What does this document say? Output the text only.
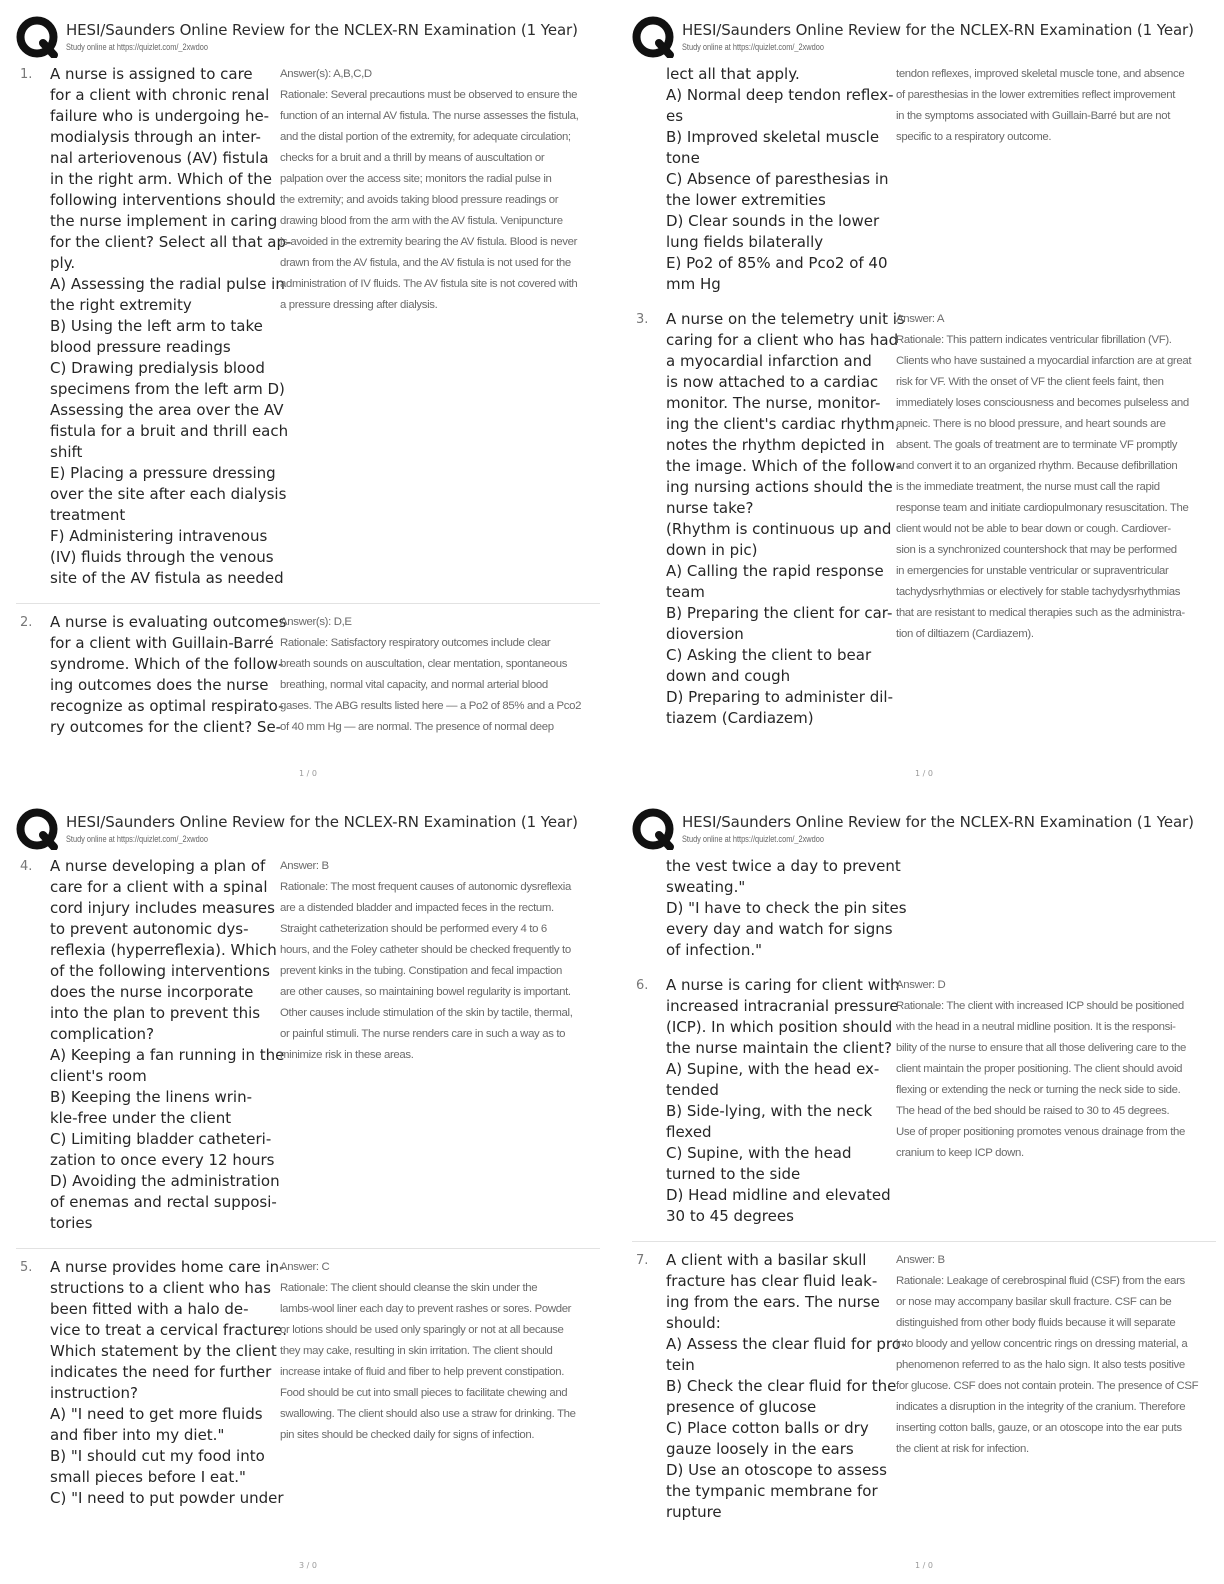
HESI/Saunders Online Review for the NCLEX-RN Examination (1 Year)
Study online at https://quizlet.com/_2xwdoo
1.	A nurse is assigned to care
for a client with chronic renal
failure who is undergoing he-
modialysis through an inter-
nal arteriovenous (AV) fistula
in the right arm. Which of the
following interventions should
the nurse implement in caring
for the client? Select all that ap-
ply.
A) Assessing the radial pulse in
the right extremity
B) Using the left arm to take
blood pressure readings
C) Drawing predialysis blood
specimens from the left arm D)
Assessing the area over the AV
fistula for a bruit and thrill each
shift
E) Placing a pressure dressing
over the site after each dialysis
treatment
F) Administering intravenous
(IV) fluids through the venous
site of the AV fistula as needed
Answer(s): A,B,C,D
Rationale: Several precautions must be observed to ensure the
function of an internal AV fistula. The nurse assesses the fistula,
and the distal portion of the extremity, for adequate circulation;
checks for a bruit and a thrill by means of auscultation or
palpation over the access site; monitors the radial pulse in
the extremity; and avoids taking blood pressure readings or
drawing blood from the arm with the AV fistula. Venipuncture
is avoided in the extremity bearing the AV fistula. Blood is never
drawn from the AV fistula, and the AV fistula is not used for the
administration of IV fluids. The AV fistula site is not covered with
a pressure dressing after dialysis.
2.	A nurse is evaluating outcomes
for a client with Guillain-Barré
syndrome. Which of the follow-
ing outcomes does the nurse
recognize as optimal respirato-
ry outcomes for the client? Se-
Answer(s): D,E
Rationale: Satisfactory respiratory outcomes include clear
breath sounds on auscultation, clear mentation, spontaneous
breathing, normal vital capacity, and normal arterial blood
gases. The ABG results listed here — a Po2 of 85% and a Pco2
of 40 mm Hg — are normal. The presence of normal deep
1 / 0
HESI/Saunders Online Review for the NCLEX-RN Examination (1 Year)
Study online at https://quizlet.com/_2xwdoo
lect all that apply.
A) Normal deep tendon reflex-
es
B) Improved skeletal muscle
tone
C) Absence of paresthesias in
the lower extremities
D) Clear sounds in the lower
lung fields bilaterally
E) Po2 of 85% and Pco2 of 40
mm Hg
tendon reflexes, improved skeletal muscle tone, and absence
of paresthesias in the lower extremities reflect improvement
in the symptoms associated with Guillain-Barré but are not
specific to a respiratory outcome.
3.	A nurse on the telemetry unit is
caring for a client who has had
a myocardial infarction and
is now attached to a cardiac
monitor. The nurse, monitor-
ing the client's cardiac rhythm,
notes the rhythm depicted in
the image. Which of the follow-
ing nursing actions should the
nurse take?
(Rhythm is continuous up and
down in pic)
A) Calling the rapid response
team
B) Preparing the client for car-
dioversion
C) Asking the client to bear
down and cough
D) Preparing to administer dil-
tiazem (Cardiazem)
Answer: A
Rationale: This pattern indicates ventricular fibrillation (VF).
Clients who have sustained a myocardial infarction are at great
risk for VF. With the onset of VF the client feels faint, then
immediately loses consciousness and becomes pulseless and
apneic. There is no blood pressure, and heart sounds are
absent. The goals of treatment are to terminate VF promptly
and convert it to an organized rhythm. Because defibrillation
is the immediate treatment, the nurse must call the rapid
response team and initiate cardiopulmonary resuscitation. The
client would not be able to bear down or cough. Cardiover-
sion is a synchronized countershock that may be performed
in emergencies for unstable ventricular or supraventricular
tachydysrhythmias or electively for stable tachydysrhythmias
that are resistant to medical therapies such as the administra-
tion of diltiazem (Cardiazem).
1 / 0
HESI/Saunders Online Review for the NCLEX-RN Examination (1 Year)
Study online at https://quizlet.com/_2xwdoo
4.	A nurse developing a plan of
care for a client with a spinal
cord injury includes measures
to prevent autonomic dys-
reflexia (hyperreflexia). Which
of the following interventions
does the nurse incorporate
into the plan to prevent this
complication?
A) Keeping a fan running in the
client's room
B) Keeping the linens wrin-
kle-free under the client
C) Limiting bladder catheteri-
zation to once every 12 hours
D) Avoiding the administration
of enemas and rectal supposi-
tories
Answer: B
Rationale: The most frequent causes of autonomic dysreflexia
are a distended bladder and impacted feces in the rectum.
Straight catheterization should be performed every 4 to 6
hours, and the Foley catheter should be checked frequently to
prevent kinks in the tubing. Constipation and fecal impaction
are other causes, so maintaining bowel regularity is important.
Other causes include stimulation of the skin by tactile, thermal,
or painful stimuli. The nurse renders care in such a way as to
minimize risk in these areas.
5.	A nurse provides home care in-
structions to a client who has
been fitted with a halo de-
vice to treat a cervical fracture.
Which statement by the client
indicates the need for further
instruction?
A) "I need to get more fluids
and fiber into my diet."
B) "I should cut my food into
small pieces before I eat."
C) "I need to put powder under
Answer: C
Rationale: The client should cleanse the skin under the
lambs-wool liner each day to prevent rashes or sores. Powder
or lotions should be used only sparingly or not at all because
they may cake, resulting in skin irritation. The client should
increase intake of fluid and fiber to help prevent constipation.
Food should be cut into small pieces to facilitate chewing and
swallowing. The client should also use a straw for drinking. The
pin sites should be checked daily for signs of infection.
3 / 0
HESI/Saunders Online Review for the NCLEX-RN Examination (1 Year)
Study online at https://quizlet.com/_2xwdoo
the vest twice a day to prevent
sweating."
D) "I have to check the pin sites
every day and watch for signs
of infection."
6.	A nurse is caring for client with
increased intracranial pressure
(ICP). In which position should
the nurse maintain the client?
A) Supine, with the head ex-
tended
B) Side-lying, with the neck
flexed
C) Supine, with the head
turned to the side
D) Head midline and elevated
30 to 45 degrees
Answer: D
Rationale: The client with increased ICP should be positioned
with the head in a neutral midline position. It is the responsi-
bility of the nurse to ensure that all those delivering care to the
client maintain the proper positioning. The client should avoid
flexing or extending the neck or turning the neck side to side.
The head of the bed should be raised to 30 to 45 degrees.
Use of proper positioning promotes venous drainage from the
cranium to keep ICP down.
7.	A client with a basilar skull
fracture has clear fluid leak-
ing from the ears. The nurse
should:
A) Assess the clear fluid for pro-
tein
B) Check the clear fluid for the
presence of glucose
C) Place cotton balls or dry
gauze loosely in the ears
D) Use an otoscope to assess
the tympanic membrane for
rupture
Answer: B
Rationale: Leakage of cerebrospinal fluid (CSF) from the ears
or nose may accompany basilar skull fracture. CSF can be
distinguished from other body fluids because it will separate
into bloody and yellow concentric rings on dressing material, a
phenomenon referred to as the halo sign. It also tests positive
for glucose. CSF does not contain protein. The presence of CSF
indicates a disruption in the integrity of the cranium. Therefore
inserting cotton balls, gauze, or an otoscope into the ear puts
the client at risk for infection.
1 / 0
